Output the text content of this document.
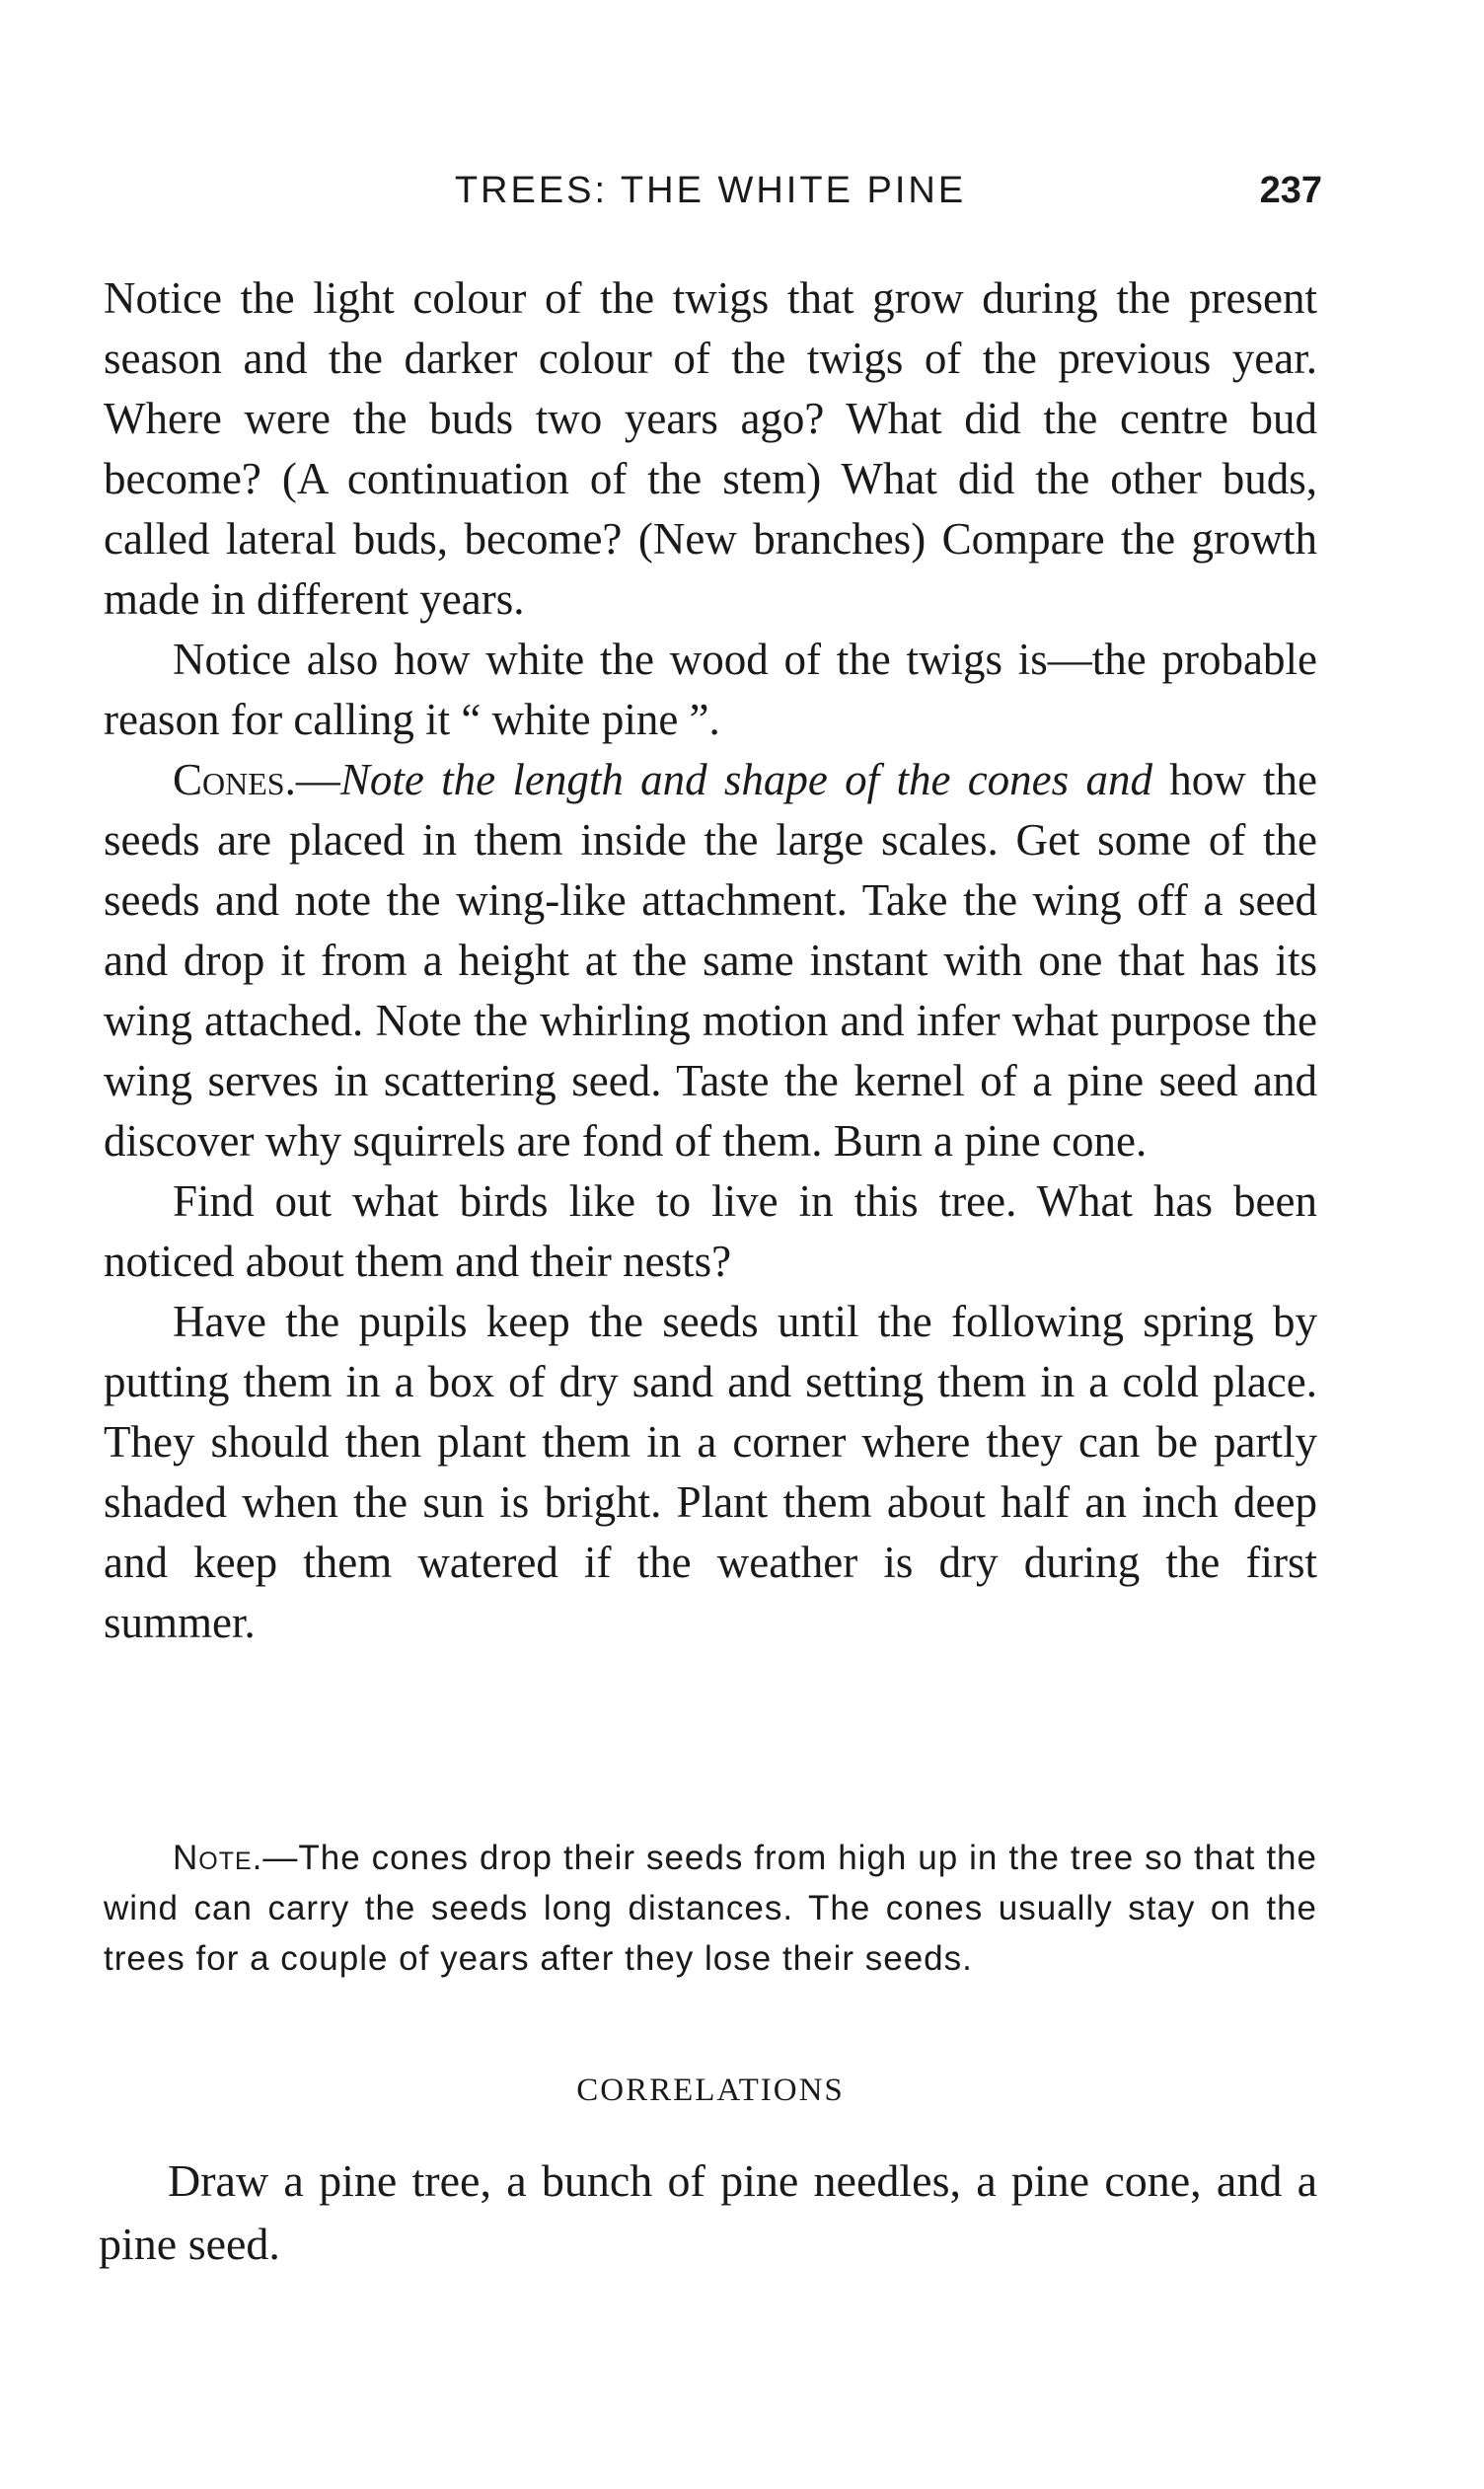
TREES: THE WHITE PINE	237

Notice the light colour of the twigs that grow during the present season and the darker colour of the twigs of the previous year. Where were the buds two years ago? What did the centre bud become? (A continuation of the stem) What did the other buds, called lateral buds, become? (New branches) Compare the growth made in different years.

Notice also how white the wood of the twigs is—the probable reason for calling it “ white pine ”.

Cones.—Note the length and shape of the cones and how the seeds are placed in them inside the large scales. Get some of the seeds and note the wing-like attachment. Take the wing off a seed and drop it from a height at the same instant with one that has its wing attached. Note the whirling motion and infer what purpose the wing serves in scattering seed. Taste the kernel of a pine seed and discover why squirrels are fond of them. Burn a pine cone.

Find out what birds like to live in this tree. What has been noticed about them and their nests?

Have the pupils keep the seeds until the following spring by putting them in a box of dry sand and setting them in a cold place. They should then plant them in a corner where they can be partly shaded when the sun is bright. Plant them about half an inch deep and keep them watered if the weather is dry during the first summer.

Note.—The cones drop their seeds from high up in the tree so that the wind can carry the seeds long distances. The cones usually stay on the trees for a couple of years after they lose their seeds.

CORRELATIONS

Draw a pine tree, a bunch of pine needles, a pine cone, and a pine seed.
